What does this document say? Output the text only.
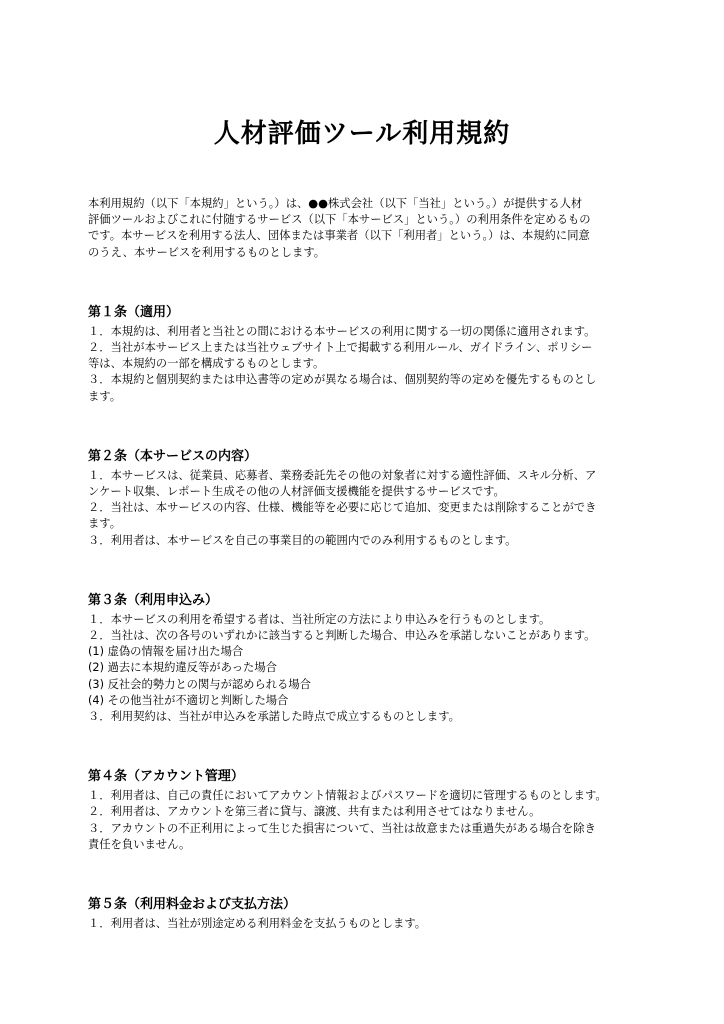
人材評価ツール利用規約

本利用規約（以下「本規約」という。）は、●●株式会社（以下「当社」という。）が提供する人材

評価ツールおよびこれに付随するサービス（以下「本サービス」という。）の利用条件を定めるもの

です。本サービスを利用する法人、団体または事業者（以下「利用者」という。）は、本規約に同意

のうえ、本サービスを利用するものとします。

第１条（適用）

１．本規約は、利用者と当社との間における本サービスの利用に関する一切の関係に適用されます。

２．当社が本サービス上または当社ウェブサイト上で掲載する利用ルール、ガイドライン、ポリシー

等は、本規約の一部を構成するものとします。

３．本規約と個別契約または申込書等の定めが異なる場合は、個別契約等の定めを優先するものとし

ます。

第２条（本サービスの内容）

１．本サービスは、従業員、応募者、業務委託先その他の対象者に対する適性評価、スキル分析、ア

ンケート収集、レポート生成その他の人材評価支援機能を提供するサービスです。

２．当社は、本サービスの内容、仕様、機能等を必要に応じて追加、変更または削除することができ

ます。

３．利用者は、本サービスを自己の事業目的の範囲内でのみ利用するものとします。

第３条（利用申込み）

１．本サービスの利用を希望する者は、当社所定の方法により申込みを行うものとします。

２．当社は、次の各号のいずれかに該当すると判断した場合、申込みを承諾しないことがあります。

(1) 虚偽の情報を届け出た場合

(2) 過去に本規約違反等があった場合

(3) 反社会的勢力との関与が認められる場合

(4) その他当社が不適切と判断した場合

３．利用契約は、当社が申込みを承諾した時点で成立するものとします。

第４条（アカウント管理）

１．利用者は、自己の責任においてアカウント情報およびパスワードを適切に管理するものとします。

２．利用者は、アカウントを第三者に貸与、譲渡、共有または利用させてはなりません。

３．アカウントの不正利用によって生じた損害について、当社は故意または重過失がある場合を除き

責任を負いません。

第５条（利用料金および支払方法）

１．利用者は、当社が別途定める利用料金を支払うものとします。
